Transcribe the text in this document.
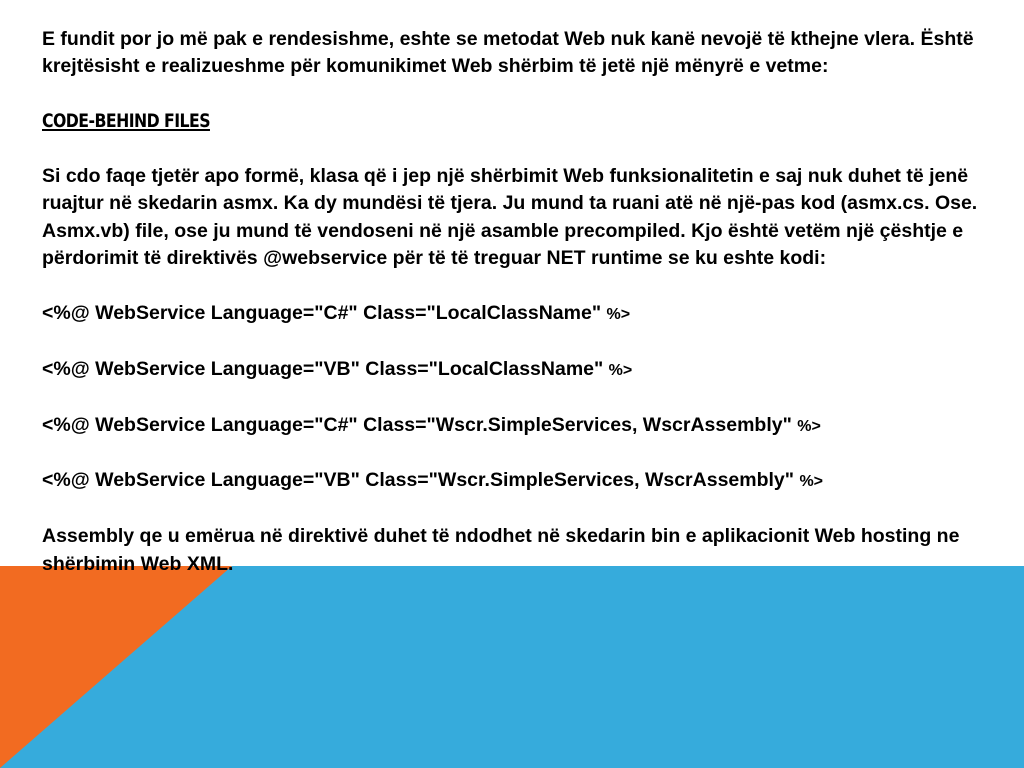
E fundit por jo më pak e rendesishme, eshte se metodat Web nuk kanë nevojë të kthejne vlera. Është krejtësisht e realizueshme për komunikimet Web shërbim të jetë një mënyrë e vetme:

CODE-BEHIND FILES

Si cdo faqe tjetër apo formë, klasa që i jep një shërbimit Web funksionalitetin e saj nuk duhet të jenë ruajtur në skedarin asmx. Ka dy mundësi të tjera. Ju mund ta ruani atë në një-pas kod (asmx.cs. Ose. Asmx.vb) file, ose ju mund të vendoseni në një asamble precompiled. Kjo është vetëm një çështje e përdorimit të direktivës @webservice për të të treguar NET runtime se ku eshte kodi:

<%@ WebService Language="C#" Class="LocalClassName" %>

<%@ WebService Language="VB" Class="LocalClassName" %>

<%@ WebService Language="C#" Class="Wscr.SimpleServices, WscrAssembly" %>

<%@ WebService Language="VB" Class="Wscr.SimpleServices, WscrAssembly" %>

Assembly qe u emërua në direktivë duhet të ndodhet në skedarin bin e aplikacionit Web hosting ne shërbimin Web XML.
